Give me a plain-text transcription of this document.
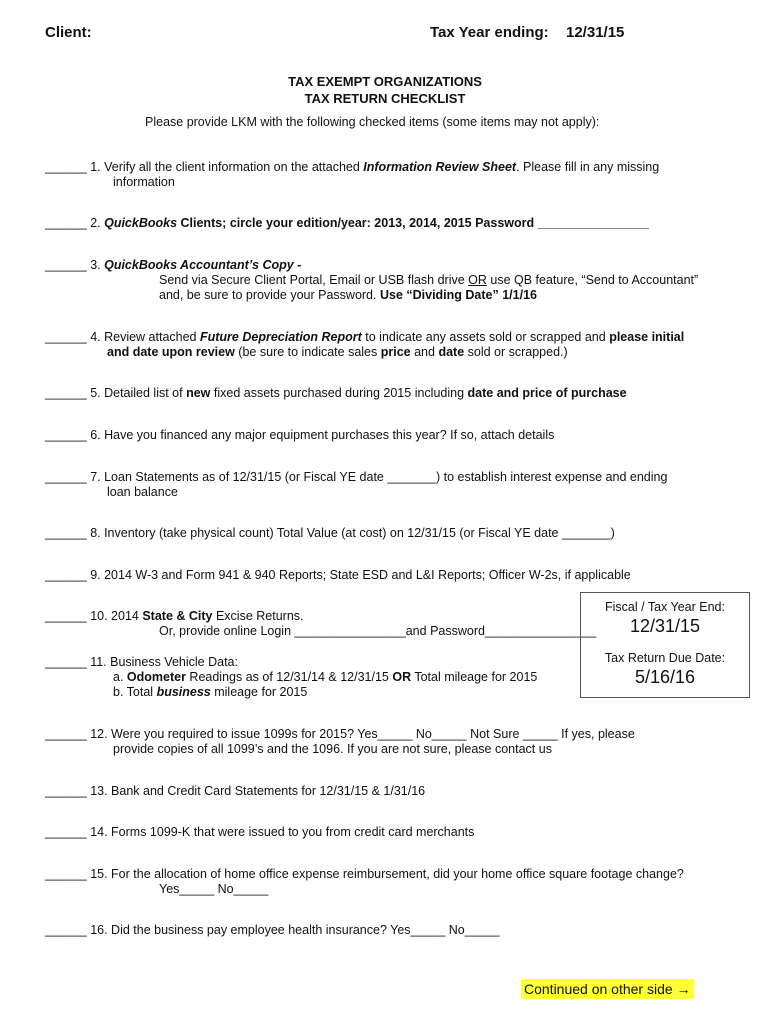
Client:	Tax Year ending: 12/31/15
TAX EXEMPT ORGANIZATIONS
TAX RETURN CHECKLIST
Please provide LKM with the following checked items (some items may not apply):
______ 1. Verify all the client information on the attached Information Review Sheet. Please fill in any missing
information
______ 2. QuickBooks Clients; circle your edition/year: 2013, 2014, 2015 Password ________________
______ 3. QuickBooks Accountant’s Copy -
Send via Secure Client Portal, Email or USB flash drive OR use QB feature, “Send to Accountant”
and, be sure to provide your Password. Use “Dividing Date” 1/1/16
______ 4. Review attached Future Depreciation Report to indicate any assets sold or scrapped and please initial
and date upon review (be sure to indicate sales price and date sold or scrapped.)
______ 5. Detailed list of new fixed assets purchased during 2015 including date and price of purchase
______ 6. Have you financed any major equipment purchases this year? If so, attach details
______ 7. Loan Statements as of 12/31/15 (or Fiscal YE date _______) to establish interest expense and ending
loan balance
______ 8. Inventory (take physical count) Total Value (at cost) on 12/31/15 (or Fiscal YE date _______)
______ 9. 2014 W-3 and Form 941 & 940 Reports; State ESD and L&I Reports; Officer W-2s, if applicable
______ 10. 2014 State & City Excise Returns.
Or, provide online Login ________________and Password________________
______ 11. Business Vehicle Data:
a. Odometer Readings as of 12/31/14 & 12/31/15 OR Total mileage for 2015
b. Total business mileage for 2015
Fiscal / Tax Year End:
12/31/15
Tax Return Due Date:
5/16/16
______ 12. Were you required to issue 1099s for 2015? Yes_____ No_____ Not Sure _____ If yes, please
provide copies of all 1099’s and the 1096. If you are not sure, please contact us
______ 13. Bank and Credit Card Statements for 12/31/15 & 1/31/16
______ 14. Forms 1099-K that were issued to you from credit card merchants
______ 15. For the allocation of home office expense reimbursement, did your home office square footage change?
Yes_____ No_____
______ 16. Did the business pay employee health insurance? Yes_____ No_____
Continued on other side →
